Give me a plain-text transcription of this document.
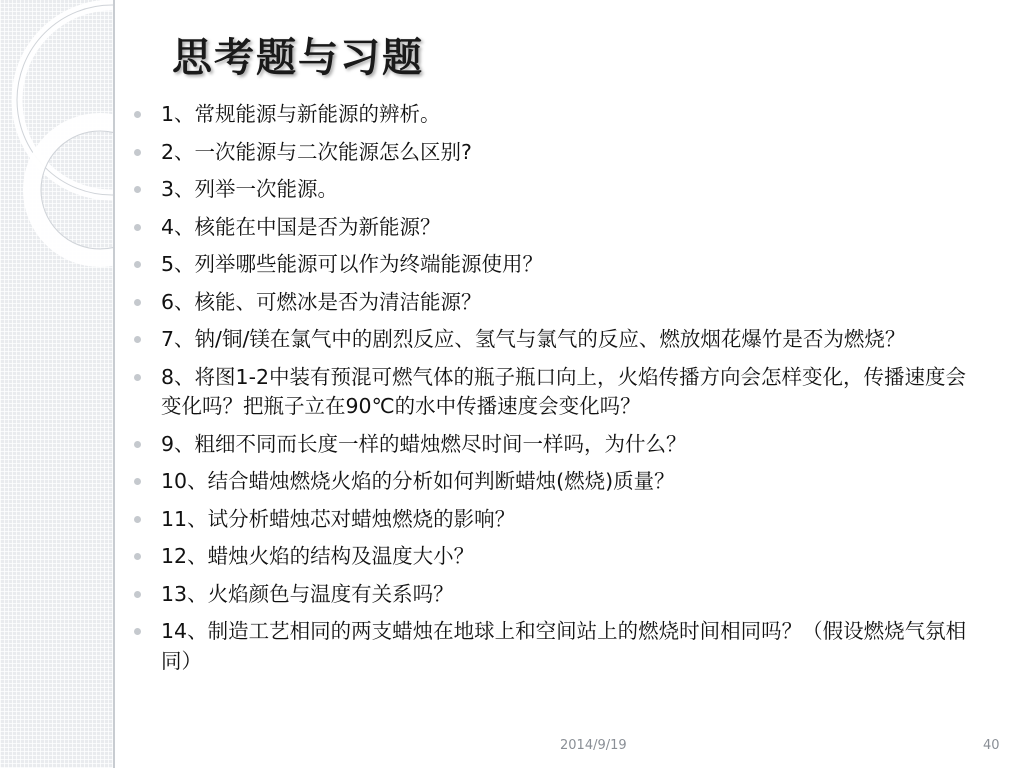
思考题与习题
1、常规能源与新能源的辨析。
2、一次能源与二次能源怎么区别?
3、列举一次能源。
4、核能在中国是否为新能源？
5、列举哪些能源可以作为终端能源使用？
6、核能、可燃冰是否为清洁能源？
7、钠/铜/镁在氯气中的剧烈反应、氢气与氯气的反应、燃放烟花爆竹是否为燃烧？
8、将图1-2中装有预混可燃气体的瓶子瓶口向上，火焰传播方向会怎样变化，传播速度会变化吗？把瓶子立在90℃的水中传播速度会变化吗？
9、粗细不同而长度一样的蜡烛燃尽时间一样吗，为什么？
10、结合蜡烛燃烧火焰的分析如何判断蜡烛(燃烧)质量？
11、试分析蜡烛芯对蜡烛燃烧的影响？
12、蜡烛火焰的结构及温度大小？
13、火焰颜色与温度有关系吗？
14、制造工艺相同的两支蜡烛在地球上和空间站上的燃烧时间相同吗？（假设燃烧气氛相同）
2014/9/19	40
